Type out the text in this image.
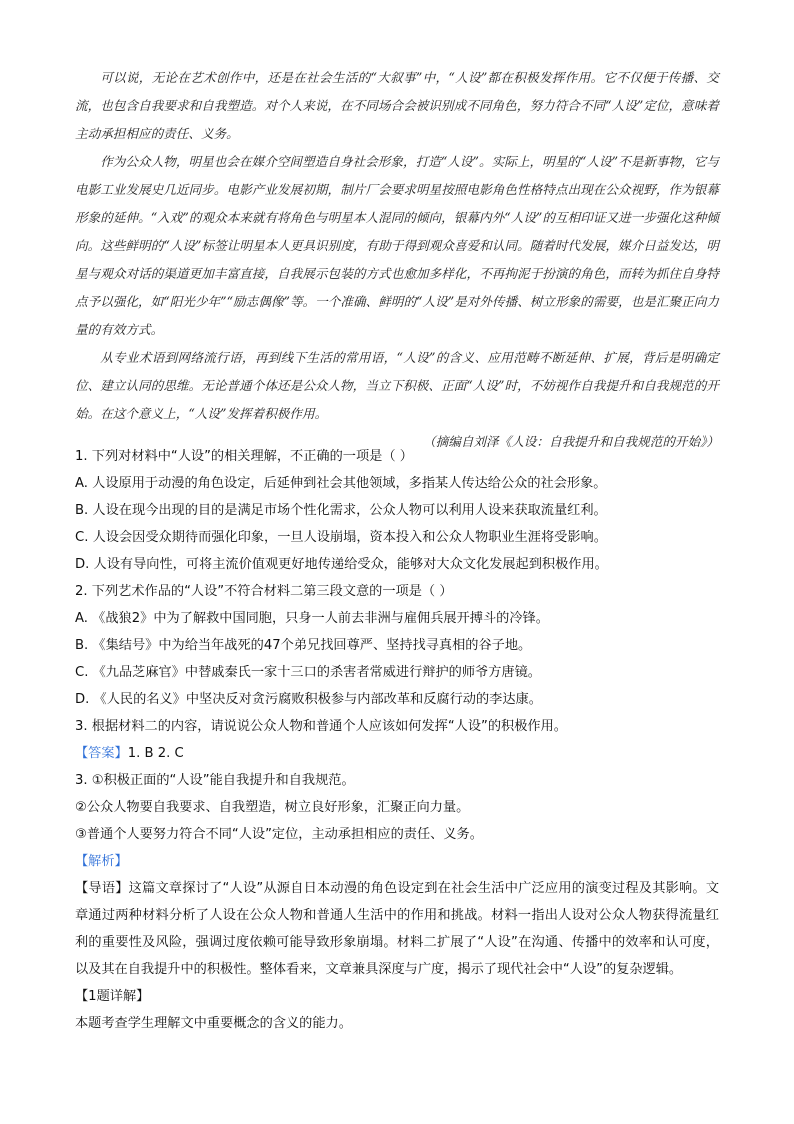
可以说，无论在艺术创作中，还是在社会生活的“大叙事”中，“人设”都在积极发挥作用。它不仅便于传播、交流，也包含自我要求和自我塑造。对个人来说，在不同场合会被识别成不同角色，努力符合不同“人设”定位，意味着主动承担相应的责任、义务。

作为公众人物，明星也会在媒介空间塑造自身社会形象，打造“人设”。实际上，明星的“人设”不是新事物，它与电影工业发展史几近同步。电影产业发展初期，制片厂会要求明星按照电影角色性格特点出现在公众视野，作为银幕形象的延伸。“入戏”的观众本来就有将角色与明星本人混同的倾向，银幕内外“人设”的互相印证又进一步强化这种倾向。这些鲜明的“人设”标签让明星本人更具识别度，有助于得到观众喜爱和认同。随着时代发展，媒介日益发达，明星与观众对话的渠道更加丰富直接，自我展示包装的方式也愈加多样化，不再拘泥于扮演的角色，而转为抓住自身特点予以强化，如“阳光少年”“励志偶像”等。一个准确、鲜明的“人设”是对外传播、树立形象的需要，也是汇聚正向力量的有效方式。

从专业术语到网络流行语，再到线下生活的常用语，“人设”的含义、应用范畴不断延伸、扩展，背后是明确定位、建立认同的思维。无论普通个体还是公众人物，当立下积极、正面“人设”时，不妨视作自我提升和自我规范的开始。在这个意义上，“人设”发挥着积极作用。

（摘编自刘泽《人设：自我提升和自我规范的开始》）

1. 下列对材料中“人设”的相关理解，不正确的一项是（ ）
A. 人设原用于动漫的角色设定，后延伸到社会其他领域，多指某人传达给公众的社会形象。
B. 人设在现今出现的目的是满足市场个性化需求，公众人物可以利用人设来获取流量红利。
C. 人设会因受众期待而强化印象，一旦人设崩塌，资本投入和公众人物职业生涯将受影响。
D. 人设有导向性，可将主流价值观更好地传递给受众，能够对大众文化发展起到积极作用。
2. 下列艺术作品的“人设”不符合材料二第三段文意的一项是（ ）
A. 《战狼2》中为了解救中国同胞，只身一人前去非洲与雇佣兵展开搏斗的冷锋。
B. 《集结号》中为给当年战死的47个弟兄找回尊严、坚持找寻真相的谷子地。
C. 《九品芝麻官》中替戚秦氏一家十三口的杀害者常威进行辩护的师爷方唐镜。
D. 《人民的名义》中坚决反对贪污腐败积极参与内部改革和反腐行动的李达康。
3. 根据材料二的内容，请说说公众人物和普通个人应该如何发挥“人设”的积极作用。
【答案】1. B 2. C
3. ①积极正面的“人设”能自我提升和自我规范。
②公众人物要自我要求、自我塑造，树立良好形象，汇聚正向力量。
③普通个人要努力符合不同“人设”定位，主动承担相应的责任、义务。
【解析】

【导语】这篇文章探讨了“人设”从源自日本动漫的角色设定到在社会生活中广泛应用的演变过程及其影响。文章通过两种材料分析了人设在公众人物和普通人生活中的作用和挑战。材料一指出人设对公众人物获得流量红利的重要性及风险，强调过度依赖可能导致形象崩塌。材料二扩展了“人设”在沟通、传播中的效率和认可度，以及其在自我提升中的积极性。整体看来，文章兼具深度与广度，揭示了现代社会中“人设”的复杂逻辑。

【1题详解】
本题考查学生理解文中重要概念的含义的能力。
